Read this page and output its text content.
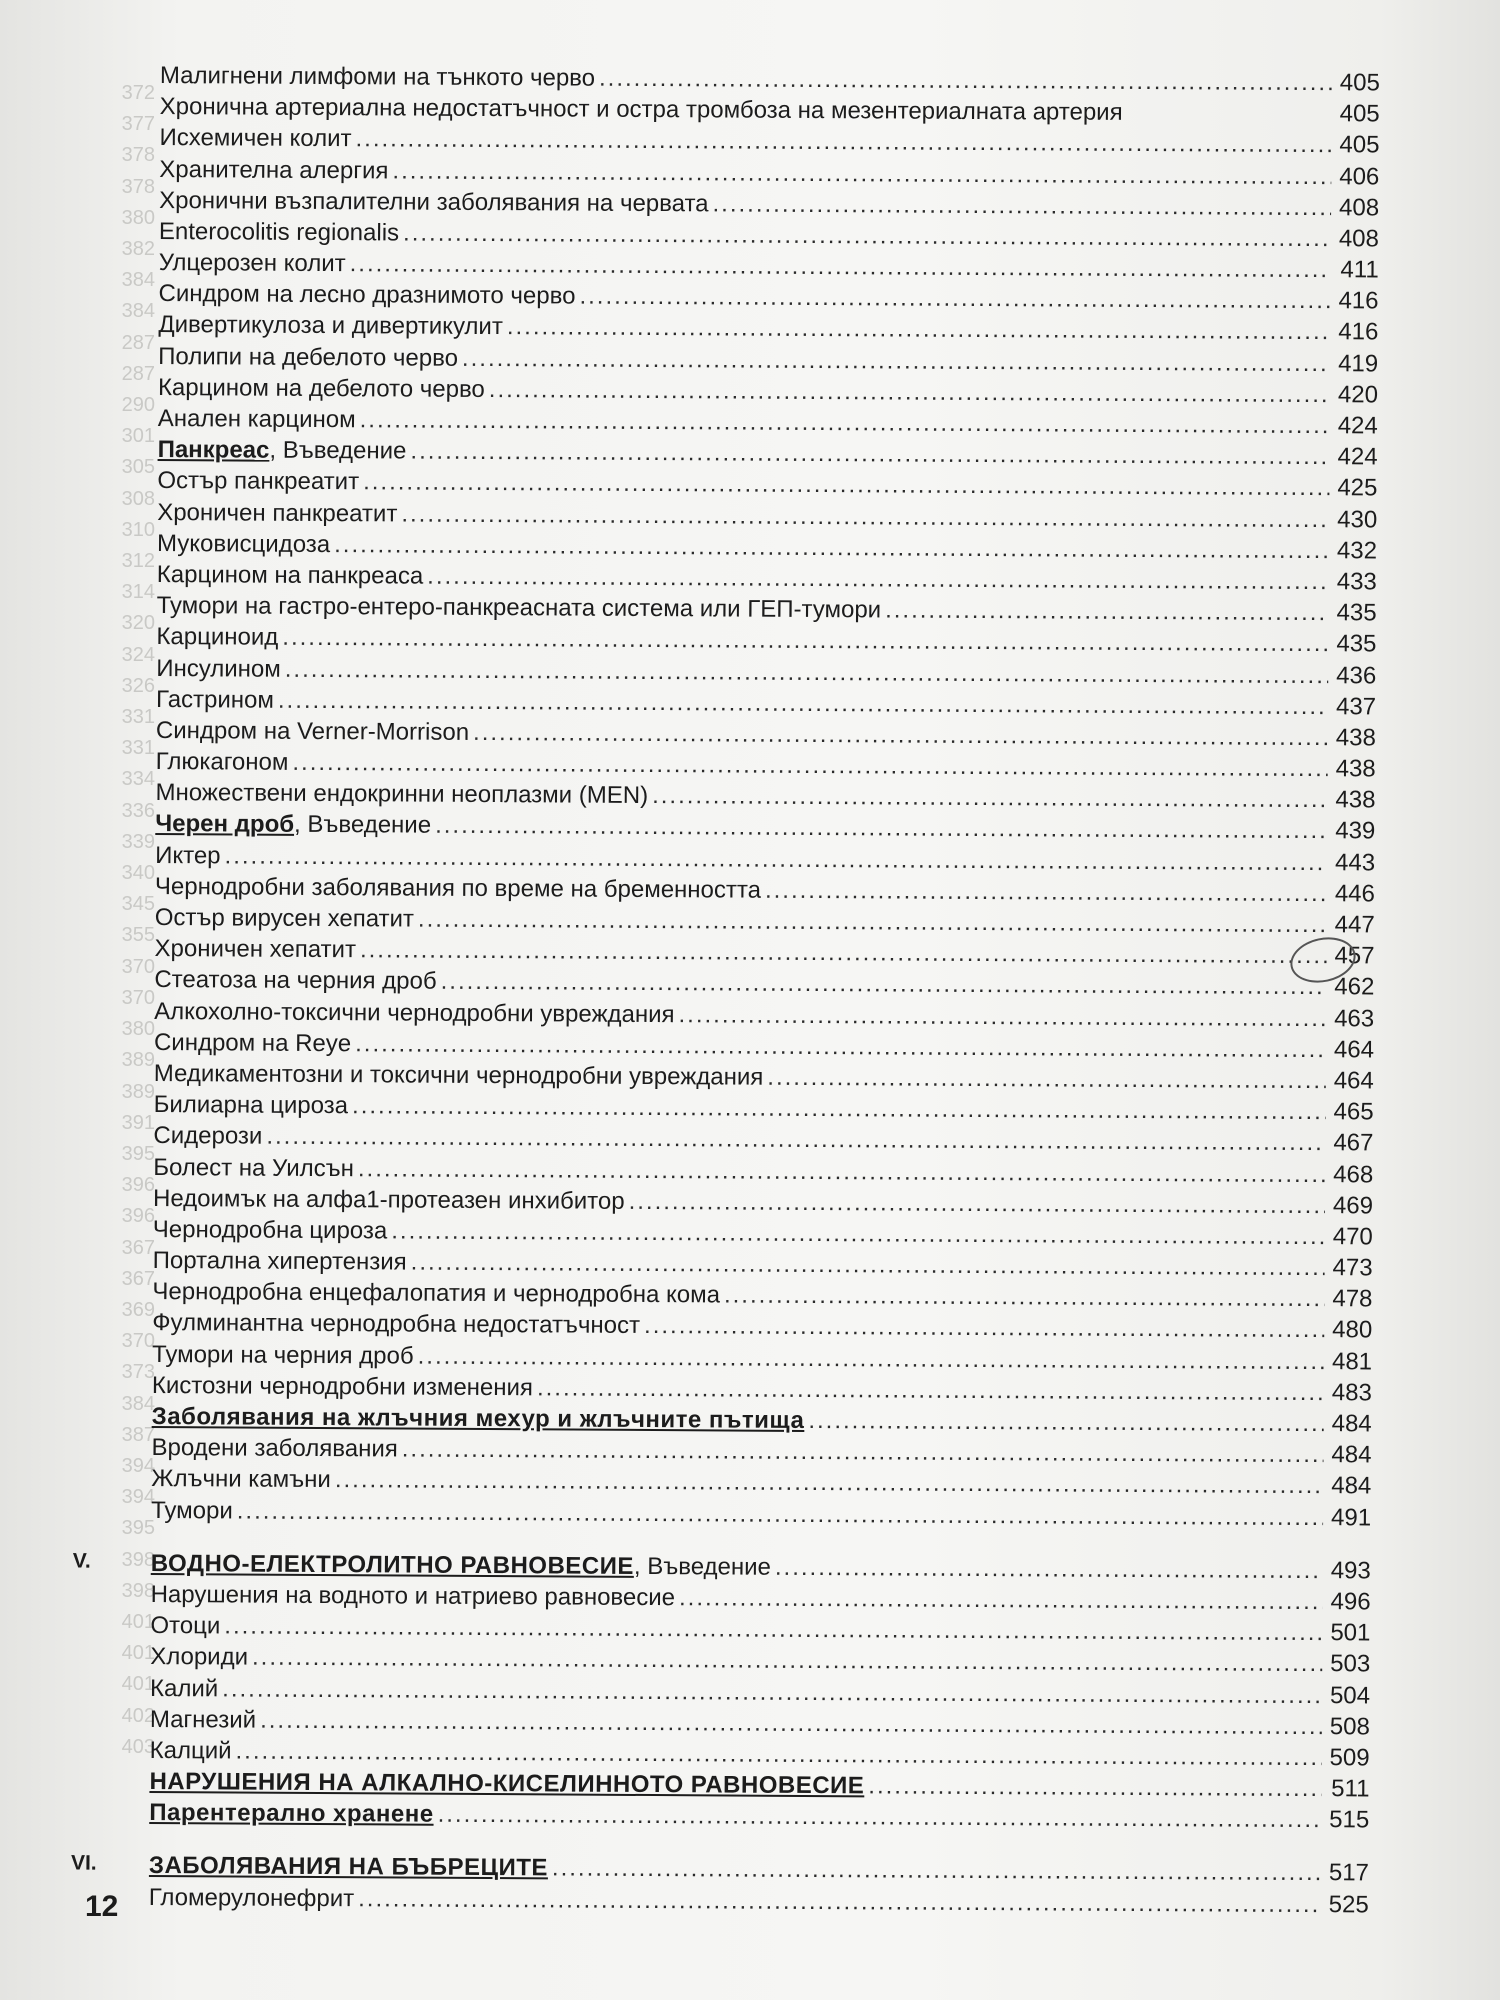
372
377
378
378
380
382
384
384
287
287
290
301
305
308
310
312
314
320
324
326
331
331
334
336
339
340
345
355
370
370
380
389
389
391
395
396
396
367
367
369
370
373
384
387
394
394
395
398
398
401
401
401
402
403
Малигнени лимфоми на тънкото черво .....	405
Хронична артериална недостатъчност и остра тромбоза на мезентериалната артерия	405
Исхемичен колит .....	405
Хранителна алергия .....	406
Хронични възпалителни заболявания на червата .....	408
Enterocolitis regionalis .....	408
Улцерозен колит .....	411
Синдром на лесно дразнимото черво .....	416
Дивертикулоза и дивертикулит .....	416
Полипи на дебелото черво .....	419
Карцином на дебелото черво .....	420
Анален карцином .....	424
Панкреас, Въведение .....	424
Остър панкреатит .....	425
Хроничен панкреатит .....	430
Муковисцидоза .....	432
Карцином на панкреаса .....	433
Тумори на гастро-ентеро-панкреасната система или ГЕП-тумори .....	435
Карциноид .....	435
Инсулином .....	436
Гастрином .....	437
Синдром на Verner-Morrison .....	438
Глюкагоном .....	438
Множествени ендокринни неоплазми (MEN) .....	438
Черен дроб, Въведение .....	439
Иктер .....	443
Чернодробни заболявания по време на бременността .....	446
Остър вирусен хепатит .....	447
Хроничен хепатит .....	457
Стеатоза на черния дроб .....	462
Алкохолно-токсични чернодробни увреждания .....	463
Синдром на Reye .....	464
Медикаментозни и токсични чернодробни увреждания .....	464
Билиарна цироза .....	465
Сидерози .....	467
Болест на Уилсън .....	468
Недоимък на алфа1-протеазен инхибитор .....	469
Чернодробна цироза .....	470
Портална хипертензия .....	473
Чернодробна енцефалопатия и чернодробна кома .....	478
Фулминантна чернодробна недостатъчност .....	480
Тумори на черния дроб .....	481
Кистозни чернодробни изменения .....	483
Заболявания на жлъчния мехур и жлъчните пътища .....	484
Вродени заболявания .....	484
Жлъчни камъни .....	484
Тумори .....	491
V. ВОДНО-ЕЛЕКТРОЛИТНО РАВНОВЕСИЕ, Въведение .....	493
Нарушения на водното и натриево равновесие .....	496
Отоци .....	501
Хлориди .....	503
Калий .....	504
Магнезий .....	508
Калций .....	509
НАРУШЕНИЯ НА АЛКАЛНО-КИСЕЛИННОТО РАВНОВЕСИЕ .....	511
Парентерално хранене .....	515
VI. ЗАБОЛЯВАНИЯ НА БЪБРЕЦИТЕ .....	517
Гломерулонефрит .....	525
12
